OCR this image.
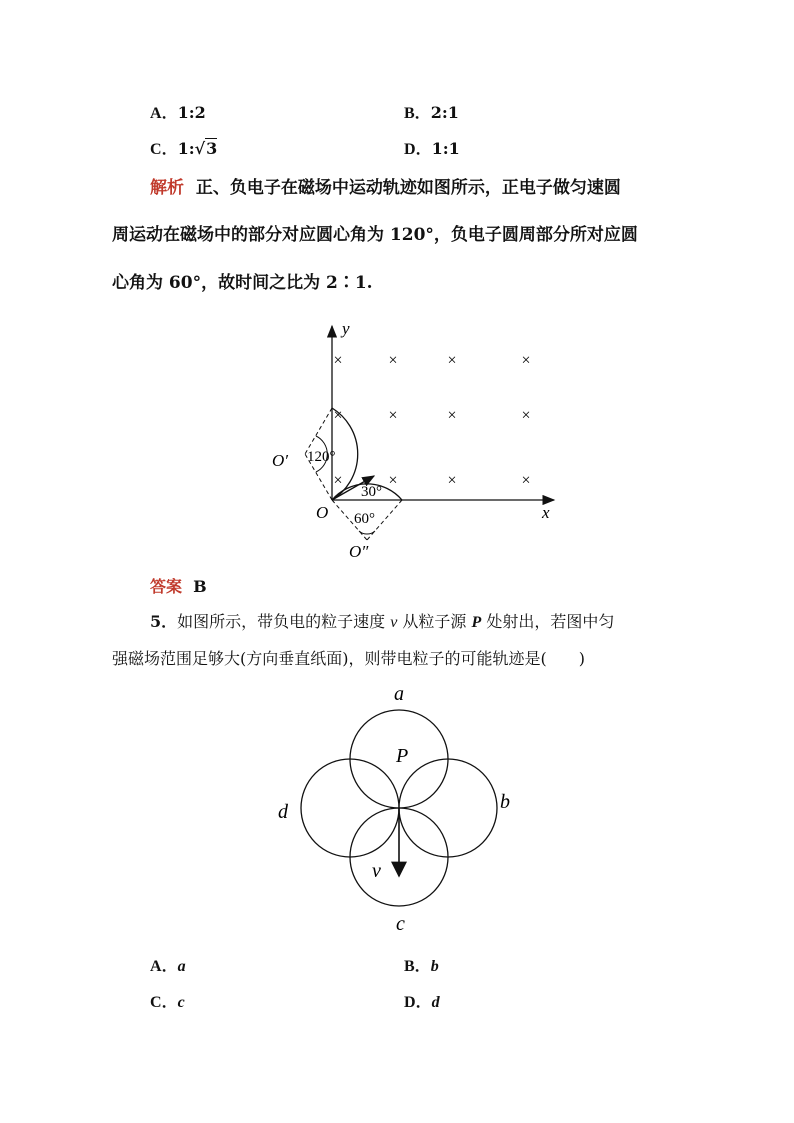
A．1:2	B．2:1
C．1:√3	D．1:1
解析 正、负电子在磁场中运动轨迹如图所示，正电子做匀速圆
周运动在磁场中的部分对应圆心角为 120°，负电子圆周部分所对应圆
心角为 60°，故时间之比为 2∶1.
y
x
O
×	×	×	×
×	×	×	×
×	×	×	×
O′ 120°
30°
60°
O″
答案 B
5．如图所示，带负电的粒子速度 v 从粒子源 P 处射出，若图中匀
强磁场范围足够大(方向垂直纸面)，则带电粒子的可能轨迹是(　　)
a
b
c
d
P
v
A．a	B．b
C．c	D．d
